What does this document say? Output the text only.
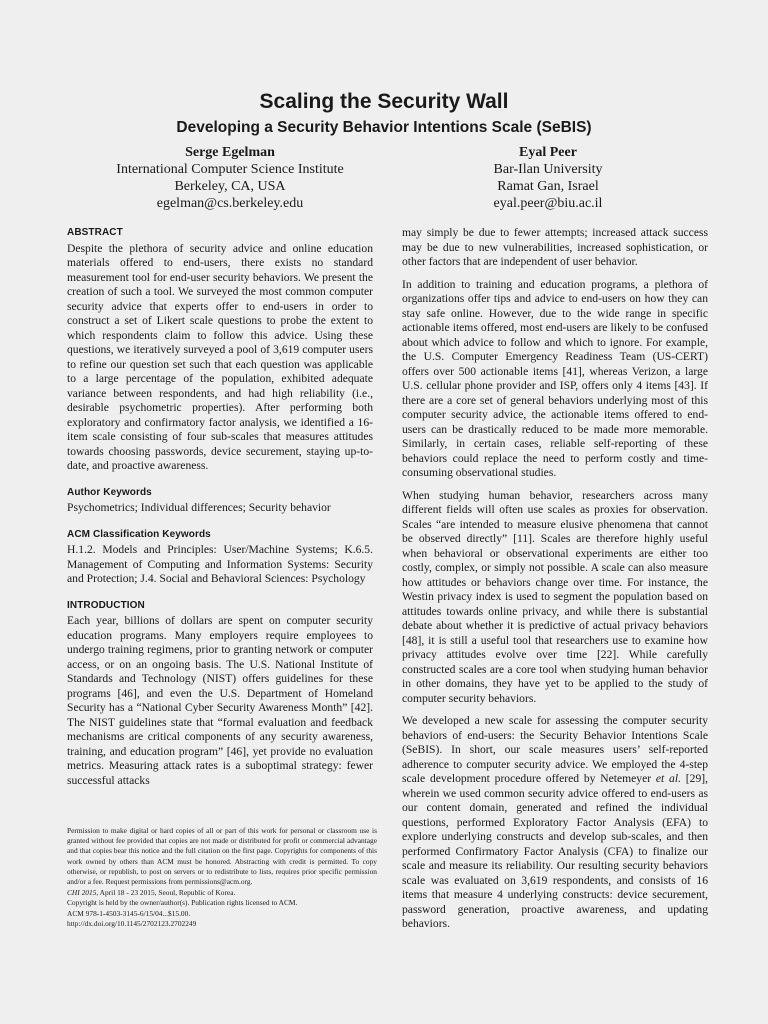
Scaling the Security Wall
Developing a Security Behavior Intentions Scale (SeBIS)
Serge Egelman
International Computer Science Institute
Berkeley, CA, USA
egelman@cs.berkeley.edu
Eyal Peer
Bar-Ilan University
Ramat Gan, Israel
eyal.peer@biu.ac.il
ABSTRACT

Despite the plethora of security advice and online education materials offered to end-users, there exists no standard measurement tool for end-user security behaviors. We present the creation of such a tool. We surveyed the most common computer security advice that experts offer to end-users in order to construct a set of Likert scale questions to probe the extent to which respondents claim to follow this advice. Using these questions, we iteratively surveyed a pool of 3,619 computer users to refine our question set such that each question was applicable to a large percentage of the population, exhibited adequate variance between respondents, and had high reliability (i.e., desirable psychometric properties). After performing both exploratory and confirmatory factor analysis, we identified a 16-item scale consisting of four sub-scales that measures attitudes towards choosing passwords, device securement, staying up-to-date, and proactive awareness.

Author Keywords

Psychometrics; Individual differences; Security behavior

ACM Classification Keywords

H.1.2. Models and Principles: User/Machine Systems; K.6.5. Management of Computing and Information Systems: Security and Protection; J.4. Social and Behavioral Sciences: Psychology

INTRODUCTION

Each year, billions of dollars are spent on computer security education programs. Many employers require employees to undergo training regimens, prior to granting network or computer access, or on an ongoing basis. The U.S. National Institute of Standards and Technology (NIST) offers guidelines for these programs [46], and even the U.S. Department of Homeland Security has a “National Cyber Security Awareness Month” [42]. The NIST guidelines state that “formal evaluation and feedback mechanisms are critical components of any security awareness, training, and education program” [46], yet provide no evaluation metrics. Measuring attack rates is a suboptimal strategy: fewer successful attacks

Permission to make digital or hard copies of all or part of this work for personal or classroom use is granted without fee provided that copies are not made or distributed for profit or commercial advantage and that copies bear this notice and the full citation on the first page. Copyrights for components of this work owned by others than ACM must be honored. Abstracting with credit is permitted. To copy otherwise, or republish, to post on servers or to redistribute to lists, requires prior specific permission and/or a fee. Request permissions from permissions@acm.org.

CHI 2015, April 18 - 23 2015, Seoul, Republic of Korea.

Copyright is held by the owner/author(s). Publication rights licensed to ACM.

ACM 978-1-4503-3145-6/15/04...$15.00.

http://dx.doi.org/10.1145/2702123.2702249

may simply be due to fewer attempts; increased attack success may be due to new vulnerabilities, increased sophistication, or other factors that are independent of user behavior.

In addition to training and education programs, a plethora of organizations offer tips and advice to end-users on how they can stay safe online. However, due to the wide range in specific actionable items offered, most end-users are likely to be confused about which advice to follow and which to ignore. For example, the U.S. Computer Emergency Readiness Team (US-CERT) offers over 500 actionable items [41], whereas Verizon, a large U.S. cellular phone provider and ISP, offers only 4 items [43]. If there are a core set of general behaviors underlying most of this computer security advice, the actionable items offered to end-users can be drastically reduced to be made more memorable. Similarly, in certain cases, reliable self-reporting of these behaviors could replace the need to perform costly and time-consuming observational studies.

When studying human behavior, researchers across many different fields will often use scales as proxies for observation. Scales “are intended to measure elusive phenomena that cannot be observed directly” [11]. Scales are therefore highly useful when behavioral or observational experiments are either too costly, complex, or simply not possible. A scale can also measure how attitudes or behaviors change over time. For instance, the Westin privacy index is used to segment the population based on attitudes towards online privacy, and while there is substantial debate about whether it is predictive of actual privacy behaviors [48], it is still a useful tool that researchers use to examine how privacy attitudes evolve over time [22]. While carefully constructed scales are a core tool when studying human behavior in other domains, they have yet to be applied to the study of computer security behaviors.

We developed a new scale for assessing the computer security behaviors of end-users: the Security Behavior Intentions Scale (SeBIS). In short, our scale measures users’ self-reported adherence to computer security advice. We employed the 4-step scale development procedure offered by Netemeyer et al. [29], wherein we used common security advice offered to end-users as our content domain, generated and refined the individual questions, performed Exploratory Factor Analysis (EFA) to explore underlying constructs and develop sub-scales, and then performed Confirmatory Factor Analysis (CFA) to finalize our scale and measure its reliability. Our resulting security behaviors scale was evaluated on 3,619 respondents, and consists of 16 items that measure 4 underlying constructs: device securement, password generation, proactive awareness, and updating behaviors.
